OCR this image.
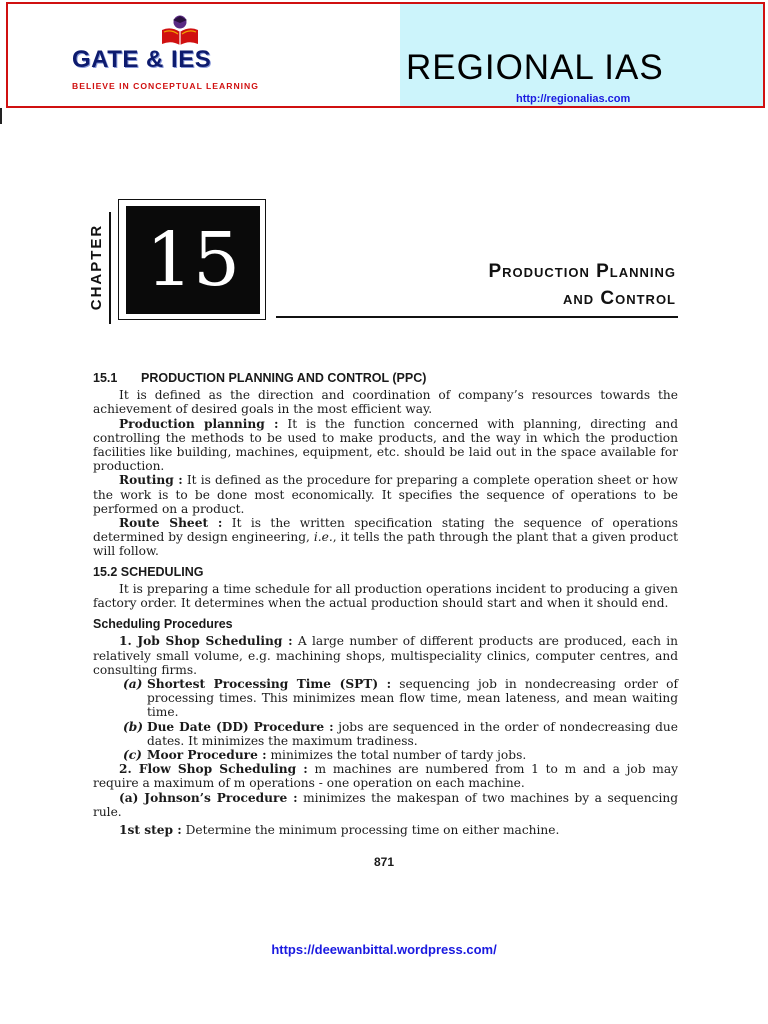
GATE & IES
BELIEVE IN CONCEPTUAL LEARNING	REGIONAL IAS
http://regionalias.com
CHAPTER 15	Production Planning
and Control
15.1 PRODUCTION PLANNING AND CONTROL (PPC)

It is defined as the direction and coordination of company’s resources towards the achievement of desired goals in the most efficient way.

Production planning : It is the function concerned with planning, directing and controlling the methods to be used to make products, and the way in which the production facilities like building, machines, equipment, etc. should be laid out in the space available for production.

Routing : It is defined as the procedure for preparing a complete operation sheet or how the work is to be done most economically. It specifies the sequence of operations to be performed on a product.

Route Sheet : It is the written specification stating the sequence of operations determined by design engineering, i.e., it tells the path through the plant that a given product will follow.

15.2 SCHEDULING

It is preparing a time schedule for all production operations incident to producing a given factory order. It determines when the actual production should start and when it should end.

Scheduling Procedures

1. Job Shop Scheduling : A large number of different products are produced, each in relatively small volume, e.g. machining shops, multispeciality clinics, computer centres, and consulting firms.

(a) Shortest Processing Time (SPT) : sequencing job in nondecreasing order of processing times. This minimizes mean flow time, mean lateness, and mean waiting time.

(b) Due Date (DD) Procedure : jobs are sequenced in the order of nondecreasing due dates. It minimizes the maximum tradiness.

(c) Moor Procedure : minimizes the total number of tardy jobs.

2. Flow Shop Scheduling : m machines are numbered from 1 to m and a job may require a maximum of m operations - one operation on each machine.

(a) Johnson’s Procedure : minimizes the makespan of two machines by a sequencing rule.

1st step : Determine the minimum processing time on either machine.

871
https://deewanbittal.wordpress.com/
